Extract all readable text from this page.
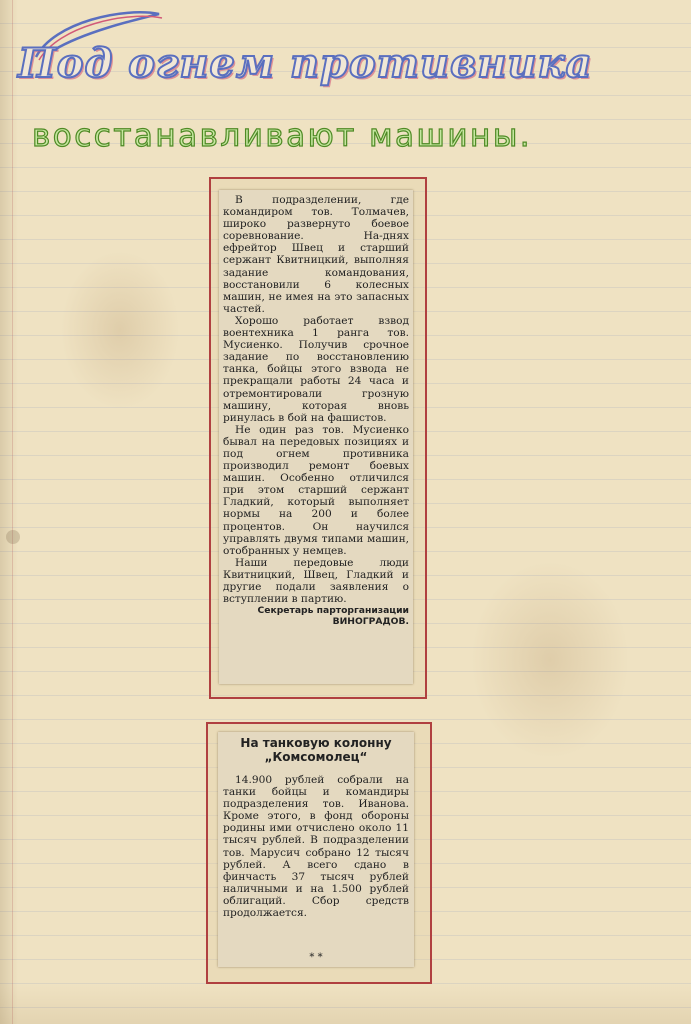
Под огнем противника
восстанавливают машины.

В подразделении, где командиром тов. Толмачев, широко развернуто боевое соревнование. На-днях ефрейтор Швец и старший сержант Квитницкий, выполняя задание командования, восстановили 6 колесных машин, не имея на это запасных частей.

Хорошо работает взвод воентехника 1 ранга тов. Мусиенко. Получив срочное задание по восстановлению танка, бойцы этого взвода не прекращали работы 24 часа и отремонтировали грозную машину, которая вновь ринулась в бой на фашистов.

Не один раз тов. Мусиенко бывал на передовых позициях и под огнем противника производил ремонт боевых машин. Особенно отличился при этом старший сержант Гладкий, который выполняет нормы на 200 и более процентов. Он научился управлять двумя типами машин, отобранных у немцев.

Наши передовые люди Квитницкий, Швец, Гладкий и другие подали заявления о вступлении в партию.

Секретарь парторганизации

ВИНОГРАДОВ.

На танковую колонну
„Комсомолец“

14.900 рублей собрали на танки бойцы и командиры подразделения тов. Иванова. Кроме этого, в фонд обороны родины ими отчислено около 11 тысяч рублей. В подразделении тов. Марусич собрано 12 тысяч рублей. А всего сдано в финчасть 37 тысяч рублей наличными и на 1.500 рублей облигаций. Сбор средств продолжается.

* *
